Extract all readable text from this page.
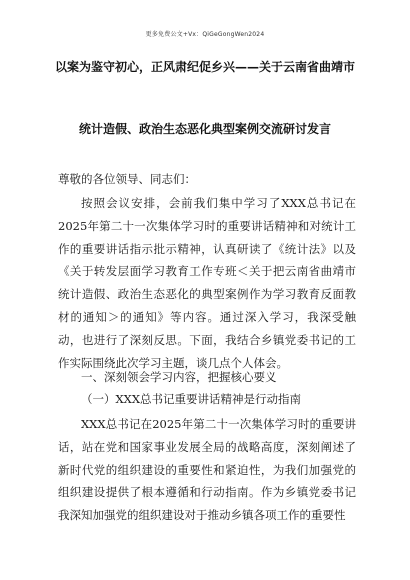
更多免费公文+Vx：QiGeGongWen2024
以案为鉴守初心，正风肃纪促乡兴——关于云南省曲靖市
统计造假、政治生态恶化典型案例交流研讨发言
尊敬的各位领导、同志们：

按照会议安排，会前我们集中学习了XXX总书记在2025年第二十一次集体学习时的重要讲话精神和对统计工作的重要讲话指示批示精神，认真研读了《统计法》以及《关于转发层面学习教育工作专班＜关于把云南省曲靖市统计造假、政治生态恶化的典型案例作为学习教育反面教材的通知＞的通知》等内容。通过深入学习，我深受触动，也进行了深刻反思。下面，我结合乡镇党委书记的工作实际围绕此次学习主题，谈几点个人体会。

一、深刻领会学习内容，把握核心要义
（一）XXX总书记重要讲话精神是行动指南

XXX总书记在2025年第二十一次集体学习时的重要讲话，站在党和国家事业发展全局的战略高度，深刻阐述了新时代党的组织建设的重要性和紧迫性，为我们加强党的组织建设提供了根本遵循和行动指南。作为乡镇党委书记我深知加强党的组织建设对于推动乡镇各项工作的重要性
